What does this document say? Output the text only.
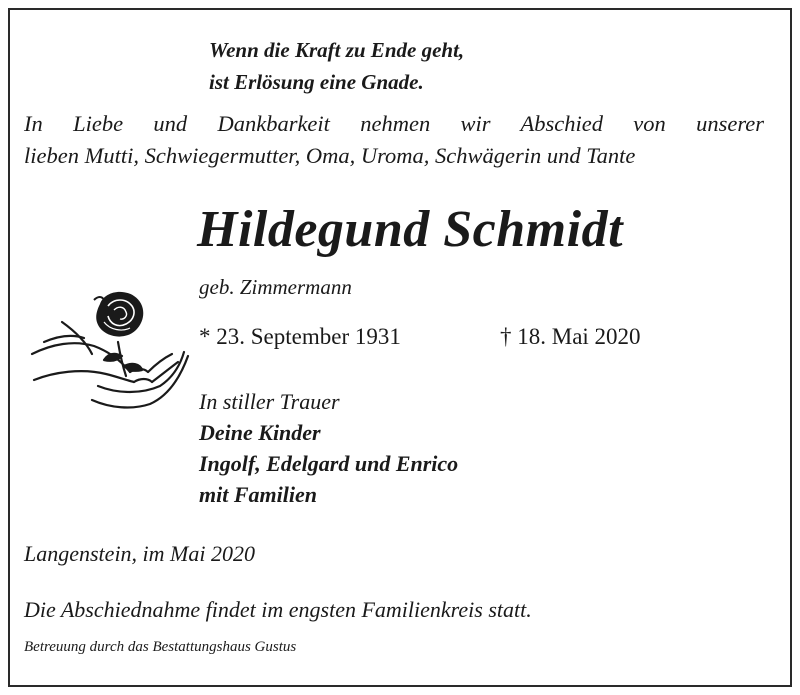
Wenn die Kraft zu Ende geht,
ist Erlösung eine Gnade.
In Liebe und Dankbarkeit nehmen wir Abschied von unserer
lieben Mutti, Schwiegermutter, Oma, Uroma, Schwägerin und Tante
Hildegund Schmidt
geb. Zimmermann
* 23. September 1931	† 18. Mai 2020
In stiller Trauer
Deine Kinder
Ingolf, Edelgard und Enrico
mit Familien
Langenstein, im Mai 2020
Die Abschiednahme findet im engsten Familienkreis statt.
Betreuung durch das Bestattungshaus Gustus
